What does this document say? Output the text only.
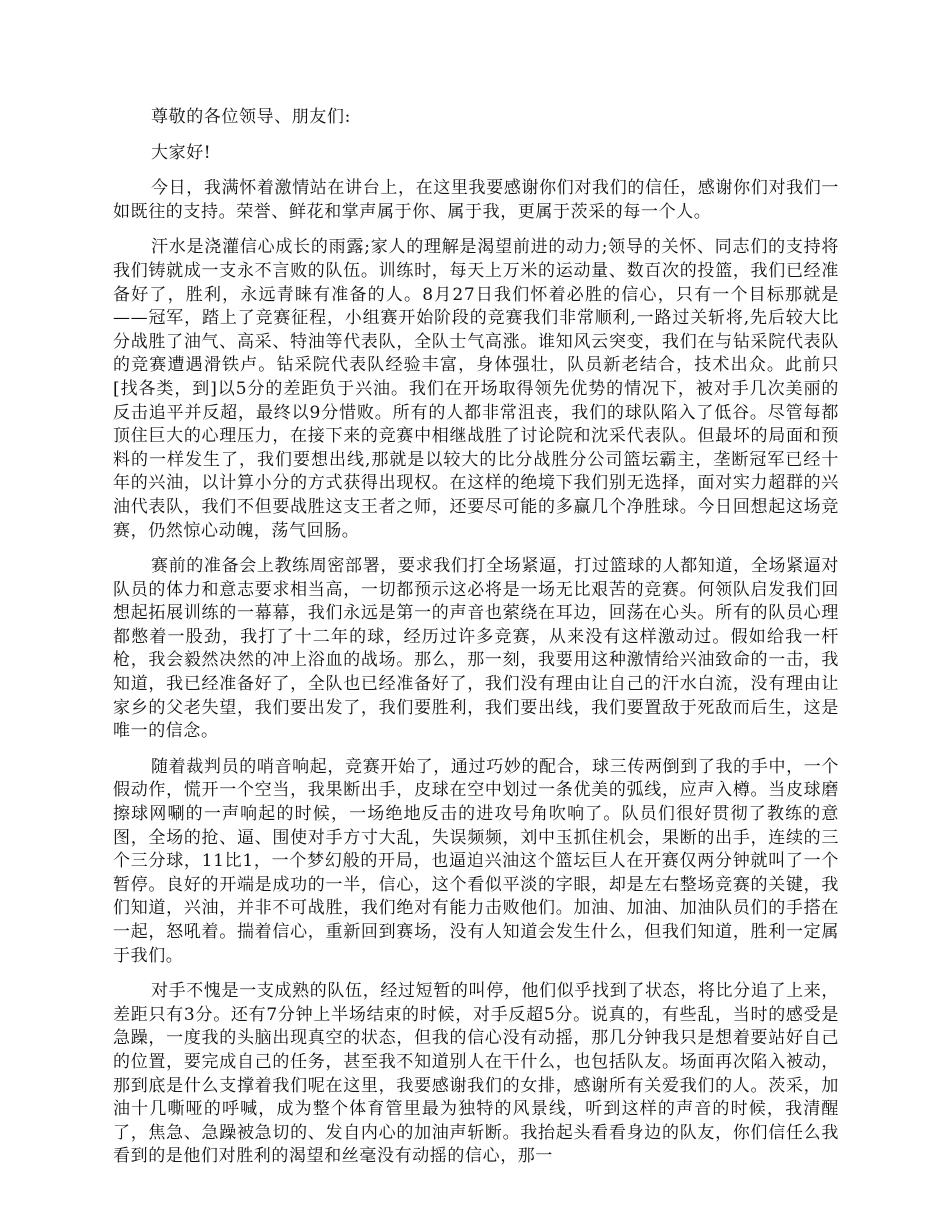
尊敬的各位领导、朋友们:

大家好!

今日，我满怀着激情站在讲台上，在这里我要感谢你们对我们的信任，感谢你们对我们一如既往的支持。荣誉、鲜花和掌声属于你、属于我，更属于茨采的每一个人。

汗水是浇灌信心成长的雨露;家人的理解是渴望前进的动力;领导的关怀、同志们的支持将我们铸就成一支永不言败的队伍。训练时，每天上万米的运动量、数百次的投篮，我们已经准备好了，胜利，永远青睐有准备的人。8月27日我们怀着必胜的信心，只有一个目标那就是——冠军，踏上了竞赛征程，小组赛开始阶段的竞赛我们非常顺利,一路过关斩将,先后较大比分战胜了油气、高采、特油等代表队，全队士气高涨。谁知风云突变，我们在与钻采院代表队的竞赛遭遇滑铁卢。钻采院代表队经验丰富，身体强壮，队员新老结合，技术出众。此前只[找各类，到]以5分的差距负于兴油。我们在开场取得领先优势的情况下，被对手几次美丽的反击追平并反超，最终以9分惜败。所有的人都非常沮丧，我们的球队陷入了低谷。尽管每都顶住巨大的心理压力，在接下来的竞赛中相继战胜了讨论院和沈采代表队。但最坏的局面和预料的一样发生了，我们要想出线,那就是以较大的比分战胜分公司篮坛霸主，垄断冠军已经十年的兴油，以计算小分的方式获得出现权。在这样的绝境下我们别无选择，面对实力超群的兴油代表队，我们不但要战胜这支王者之师，还要尽可能的多赢几个净胜球。今日回想起这场竞赛，仍然惊心动魄，荡气回肠。

赛前的准备会上教练周密部署，要求我们打全场紧逼，打过篮球的人都知道，全场紧逼对队员的体力和意志要求相当高，一切都预示这必将是一场无比艰苦的竞赛。何领队启发我们回想起拓展训练的一幕幕，我们永远是第一的声音也萦绕在耳边，回荡在心头。所有的队员心理都憋着一股劲，我打了十二年的球，经历过许多竞赛，从来没有这样激动过。假如给我一杆枪，我会毅然决然的冲上浴血的战场。那么，那一刻，我要用这种激情给兴油致命的一击，我知道，我已经准备好了，全队也已经准备好了，我们没有理由让自己的汗水白流，没有理由让家乡的父老失望，我们要出发了，我们要胜利，我们要出线，我们要置敌于死敌而后生，这是唯一的信念。

随着裁判员的哨音响起，竞赛开始了，通过巧妙的配合，球三传两倒到了我的手中，一个假动作，慌开一个空当，我果断出手，皮球在空中划过一条优美的弧线，应声入樽。当皮球磨擦球网唰的一声响起的时候，一场绝地反击的进攻号角吹响了。队员们很好贯彻了教练的意图，全场的抢、逼、围使对手方寸大乱，失误频频，刘中玉抓住机会，果断的出手，连续的三个三分球，11比1，一个梦幻般的开局，也逼迫兴油这个篮坛巨人在开赛仅两分钟就叫了一个暂停。良好的开端是成功的一半，信心，这个看似平淡的字眼，却是左右整场竞赛的关键，我们知道，兴油，并非不可战胜，我们绝对有能力击败他们。加油、加油、加油队员们的手搭在一起，怒吼着。揣着信心，重新回到赛场，没有人知道会发生什么，但我们知道，胜利一定属于我们。

对手不愧是一支成熟的队伍，经过短暂的叫停，他们似乎找到了状态，将比分追了上来，差距只有3分。还有7分钟上半场结束的时候，对手反超5分。说真的，有些乱，当时的感受是急躁，一度我的头脑出现真空的状态，但我的信心没有动摇，那几分钟我只是想着要站好自己的位置，要完成自己的任务，甚至我不知道别人在干什么，也包括队友。场面再次陷入被动，那到底是什么支撑着我们呢在这里，我要感谢我们的女排，感谢所有关爱我们的人。茨采，加油十几嘶哑的呼喊，成为整个体育管里最为独特的风景线，听到这样的声音的时候，我清醒了，焦急、急躁被急切的、发自内心的加油声斩断。我抬起头看看身边的队友，你们信任么我看到的是他们对胜利的渴望和丝毫没有动摇的信心，那一
